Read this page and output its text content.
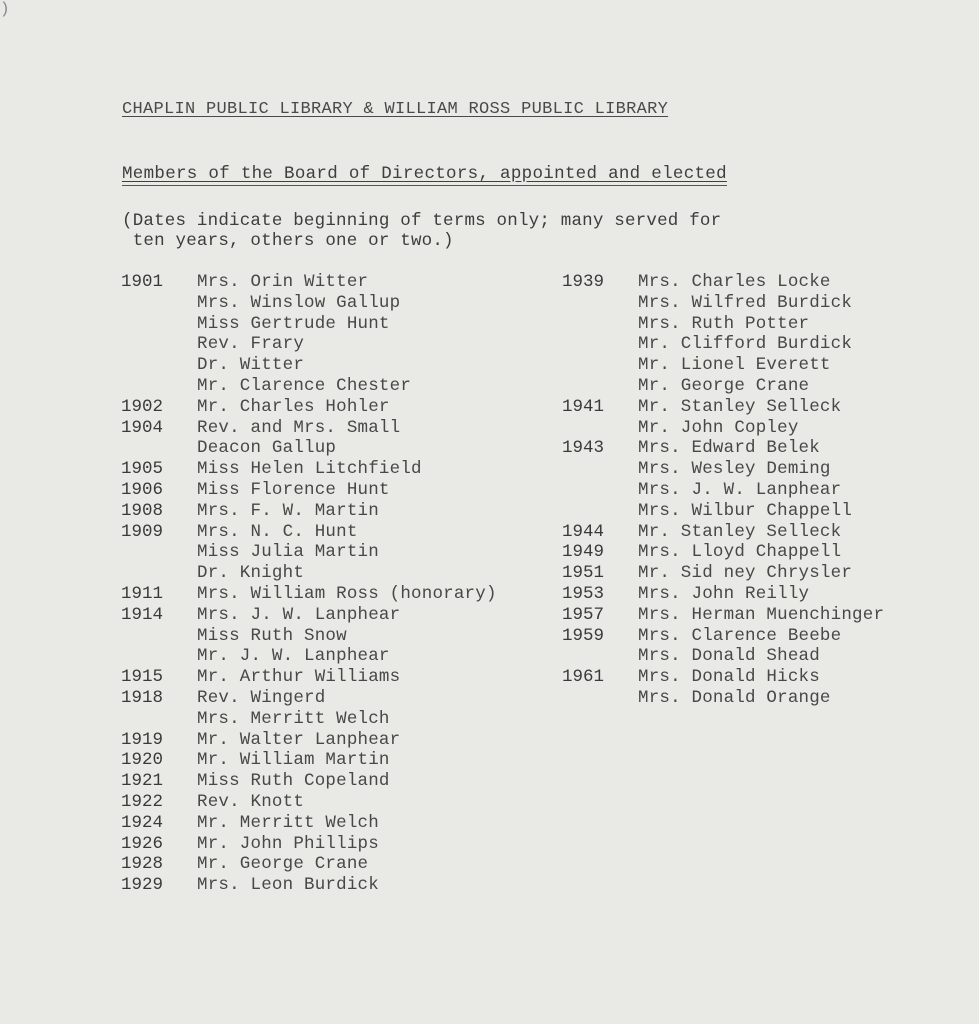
)
CHAPLIN PUBLIC LIBRARY & WILLIAM ROSS PUBLIC LIBRARY
Members of the Board of Directors, appointed and elected
(Dates indicate beginning of terms only; many served for
ten years, others one or two.)
1901	Mrs. Orin Witter
Mrs. Winslow Gallup
Miss Gertrude Hunt
Rev. Frary
Dr. Witter
Mr. Clarence Chester
1902	Mr. Charles Hohler
1904	Rev. and Mrs. Small
Deacon Gallup
1905	Miss Helen Litchfield
1906	Miss Florence Hunt
1908	Mrs. F. W. Martin
1909	Mrs. N. C. Hunt
Miss Julia Martin
Dr. Knight
1911	Mrs. William Ross (honorary)
1914	Mrs. J. W. Lanphear
Miss Ruth Snow
Mr. J. W. Lanphear
1915	Mr. Arthur Williams
1918	Rev. Wingerd
Mrs. Merritt Welch
1919	Mr. Walter Lanphear
1920	Mr. William Martin
1921	Miss Ruth Copeland
1922	Rev. Knott
1924	Mr. Merritt Welch
1926	Mr. John Phillips
1928	Mr. George Crane
1929	Mrs. Leon Burdick
1939	Mrs. Charles Locke
Mrs. Wilfred Burdick
Mrs. Ruth Potter
Mr. Clifford Burdick
Mr. Lionel Everett
Mr. George Crane
1941	Mr. Stanley Selleck
Mr. John Copley
1943	Mrs. Edward Belek
Mrs. Wesley Deming
Mrs. J. W. Lanphear
Mrs. Wilbur Chappell
1944	Mr. Stanley Selleck
1949	Mrs. Lloyd Chappell
1951	Mr. Sid ney Chrysler
1953	Mrs. John Reilly
1957	Mrs. Herman Muenchinger
1959	Mrs. Clarence Beebe
Mrs. Donald Shead
1961	Mrs. Donald Hicks
Mrs. Donald Orange
